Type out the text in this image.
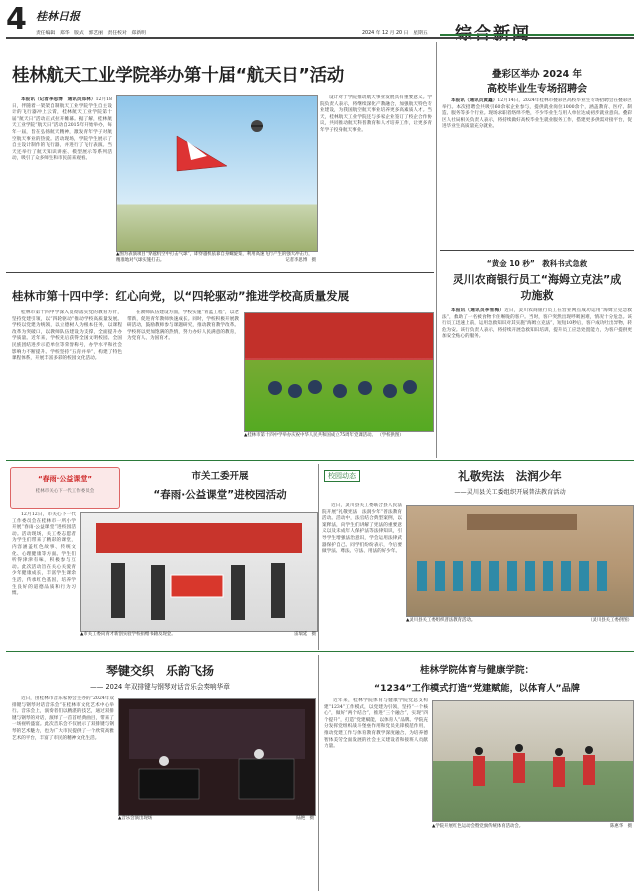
4 桂林日报
责任编辑　郑华 版式　郭艺丽 责任校对　郑新明	2024 年 12 月 20 日　星期五
桂林航天工业学院举办第十届“航天日”活动

本报讯（记者李思博　通讯员郑林）12月18日，伴随着一架架自制航天工业学院学生自主设计的飞行器冲上云霄，桂林航天工业学院第十届“航天日”活动正式拉开帷幕。据了解，桂林航天工业学院“航天日”活动自2015年开始举办，每年一届，旨在弘扬航天精神，激发青年学子对航空航天事业的热爱。活动现场，学院学生展示了自主设计制作的飞行器，并进行了飞行表演。当天还举行了航天知识讲座、模型展示等系列活动，吸引了众多师生和市民前来观看。

▲图为表演项目“穿越机空中打击气球”，即穿越机依靠自身螺旋桨，利用高速飞行产生的强大冲击力，精准地对气球实施打击。	记者李思博　摄

设计对于学院推动航天事业发展具有重要意义。学院负责人表示，将继续深化产教融合，加强航天特色专业建设，为我国航空航天事业培养更多高素质人才。当天，桂林航天工业学院还与多家企业签订了校企合作协议，共同推动航天科普教育和人才培养工作，让更多青年学子投身航天事业。

桂林市第十四中学：红心向党，以“四轮驱动”推进学校高质量发展

桂林市第十四中学深入贯彻落实党的教育方针，坚持党建引领，以“四轮驱动”推动学校高质量发展。学校以党建为统领，以立德树人为根本任务，以课程改革为突破口，以教师队伍建设为支撑，全面提升办学质量。近年来，学校先后获得全国文明校园、全国民族团结进步示范单位等荣誉称号，办学水平和社会影响力不断提升。学校坚持“五育并举”，构建了特色课程体系，开展丰富多彩的校园文化活动。

在教师队伍建设方面，学校实施“青蓝工程”，以老带新，促进青年教师快速成长。同时，学校积极开展教研活动，鼓励教师参与课题研究，推动教育教学改革。学校将以更加饱满的热情，努力办好人民满意的教育，为党育人、为国育才。

▲桂林市第十四中学举办庆祝中华人民共和国成立75周年党课活动。 （学校供图）
叠彩区举办 2024 年
高校毕业生专场招聘会

本报讯（通讯员黄鑫）12月14日，2024年桂林市叠彩区高校毕业生专场招聘会在叠彩区举行。本次招聘会共吸引60余家企业参与，提供就业岗位1000余个，涵盖教育、医疗、制造、服务等多个行业。现场求职者络绎不绝，不少毕业生与用人单位达成初步就业意向。叠彩区人社局相关负责人表示，将持续做好高校毕业生就业服务工作，搭建更多供需对接平台，促进毕业生高质量充分就业。

“黄金 10 秒”　教科书式急救
灵川农商银行员工“海姆立克法”成功施救

本报讯（通讯员李雪梅）近日，灵川农商银行员工在营业网点成功运用“海姆立克急救法”，救助了一名被食物卡住喉咙的客户。当时，客户突然出现呼吸困难，情况十分危急。该行员工迅速上前，运用急救知识对其实施“海姆立克法”，短短10秒后，客户成功吐出异物，转危为安。该行负责人表示，将持续开展急救知识培训，提升员工应急处置能力，为客户提供更加安全贴心的服务。

“春雨·公益课堂”
桂林市关心下一代工作委员会
市关工委开展
“春雨·公益课堂”进校园活动

12月12日，市关心下一代工作委员会在桂林市一所小学开展“春雨·公益课堂”进校园活动。活动现场，关工委志愿者为学生们带来了精彩的课堂，内容涵盖红色故事、传统文化、心理健康等方面。学生们听得津津有味，积极参与互动。此次活动旨在关心关爱青少年健康成长，丰富学生课余生活，传承红色基因，培养学生良好的道德品质和行为习惯。

▲市关工委向青才新创实验学校捐赠书籍及现金。	雷瑞延　摄
校园动态	礼敬宪法　法润少年
——灵川县关工委组织开展普法教育活动

近日，灵川县关工委联合县人民法院开展“礼敬宪法　法润少年”普法教育活动。活动中，法官结合典型案例，以案释法，向学生们讲解了宪法的重要意义以及未成年人保护法等法律知识，引导学生增强法治意识，学会运用法律武器保护自己。同学们纷纷表示，今后要做学法、尊法、守法、用法的好少年。

▲灵川县关工委组织普法教育活动。	（灵川县关工委供图）
琴键交织　乐韵飞扬
—— 2024 年双排键与钢琴对话音乐会奏响华章

近日，由桂林市音乐家协会主办的“2024年双排键与钢琴对话音乐会”在桂林市文化艺术中心举行。音乐会上，演奏者们以精湛的技艺，通过双排键与钢琴的对话，演绎了一首首经典曲目，带来了一场视听盛宴。此次音乐会不仅展示了双排键与钢琴的艺术魅力，也为广大市民提供了一个欣赏高雅艺术的平台，丰富了市民的精神文化生活。

▲音乐会演出现场	陆艳　摄
桂林学院体育与健康学院：
“1234”工作模式打造“党建赋能，以体育人”品牌

近年来，桂林学院体育与健康学院党总支构建“1234”工作模式，以党建为引领，坚持“一个核心”，做好“两个结合”，推进“三个融合”，实现“四个提升”，打造“党建赋能，以体育人”品牌。学院充分发挥党组织战斗堡垒作用和党员先锋模范作用，推动党建工作与体育教育教学深度融合，为培养德智体美劳全面发展的社会主义建设者和接班人贡献力量。

▲学院开展红色运动会暨党旗传统体育活动会。	陈惠华　摄
